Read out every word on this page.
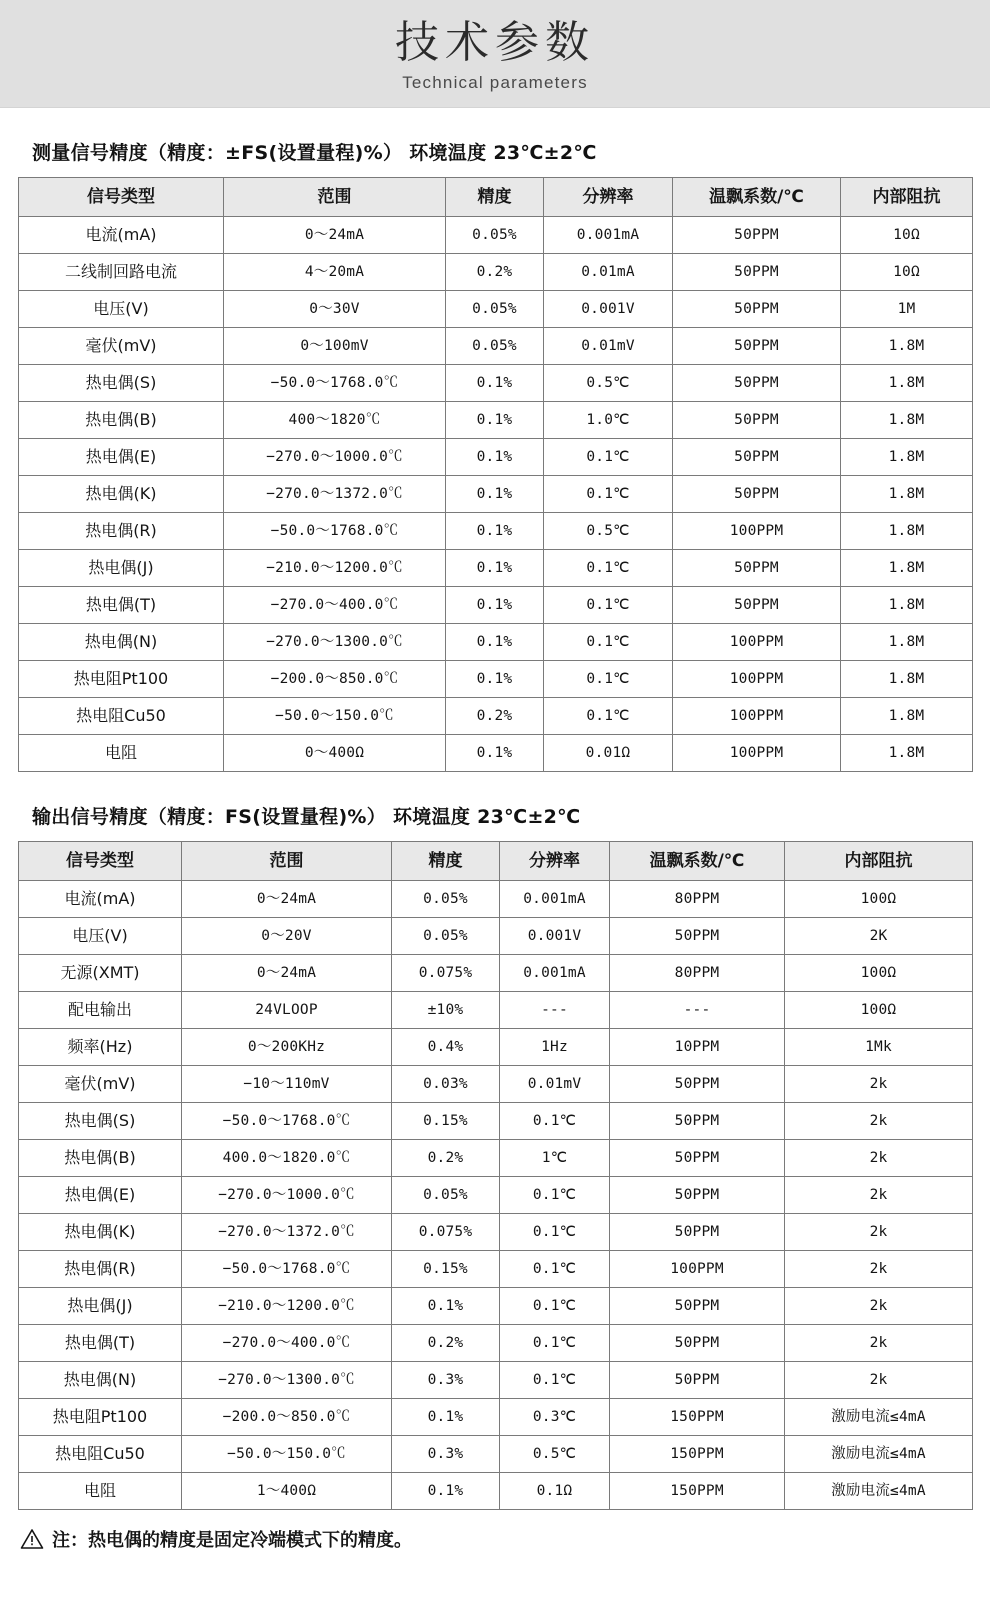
技术参数
Technical parameters
测量信号精度（精度：±FS(设置量程)%） 环境温度 23℃±2℃
信号类型	范围	精度	分辨率	温飘系数/℃	内部阻抗
电流(mA)	0～24mA	0.05%	0.001mA	50PPM	10Ω
二线制回路电流	4～20mA	0.2%	0.01mA	50PPM	10Ω
电压(V)	0～30V	0.05%	0.001V	50PPM	1M
毫伏(mV)	0～100mV	0.05%	0.01mV	50PPM	1.8M
热电偶(S)	−50.0～1768.0℃	0.1%	0.5℃	50PPM	1.8M
热电偶(B)	400～1820℃	0.1%	1.0℃	50PPM	1.8M
热电偶(E)	−270.0～1000.0℃	0.1%	0.1℃	50PPM	1.8M
热电偶(K)	−270.0～1372.0℃	0.1%	0.1℃	50PPM	1.8M
热电偶(R)	−50.0～1768.0℃	0.1%	0.5℃	100PPM	1.8M
热电偶(J)	−210.0～1200.0℃	0.1%	0.1℃	50PPM	1.8M
热电偶(T)	−270.0～400.0℃	0.1%	0.1℃	50PPM	1.8M
热电偶(N)	−270.0～1300.0℃	0.1%	0.1℃	100PPM	1.8M
热电阻Pt100	−200.0～850.0℃	0.1%	0.1℃	100PPM	1.8M
热电阻Cu50	−50.0～150.0℃	0.2%	0.1℃	100PPM	1.8M
电阻	0～400Ω	0.1%	0.01Ω	100PPM	1.8M
输出信号精度（精度：FS(设置量程)%） 环境温度 23℃±2℃
信号类型	范围	精度	分辨率	温飘系数/℃	内部阻抗
电流(mA)	0～24mA	0.05%	0.001mA	80PPM	100Ω
电压(V)	0～20V	0.05%	0.001V	50PPM	2K
无源(XMT)	0～24mA	0.075%	0.001mA	80PPM	100Ω
配电输出	24VLOOP	±10%	---	---	100Ω
频率(Hz)	0～200KHz	0.4%	1Hz	10PPM	1Mk
毫伏(mV)	−10～110mV	0.03%	0.01mV	50PPM	2k
热电偶(S)	−50.0～1768.0℃	0.15%	0.1℃	50PPM	2k
热电偶(B)	400.0～1820.0℃	0.2%	1℃	50PPM	2k
热电偶(E)	−270.0～1000.0℃	0.05%	0.1℃	50PPM	2k
热电偶(K)	−270.0～1372.0℃	0.075%	0.1℃	50PPM	2k
热电偶(R)	−50.0～1768.0℃	0.15%	0.1℃	100PPM	2k
热电偶(J)	−210.0～1200.0℃	0.1%	0.1℃	50PPM	2k
热电偶(T)	−270.0～400.0℃	0.2%	0.1℃	50PPM	2k
热电偶(N)	−270.0～1300.0℃	0.3%	0.1℃	50PPM	2k
热电阻Pt100	−200.0～850.0℃	0.1%	0.3℃	150PPM	激励电流≤4mA
热电阻Cu50	−50.0～150.0℃	0.3%	0.5℃	150PPM	激励电流≤4mA
电阻	1～400Ω	0.1%	0.1Ω	150PPM	激励电流≤4mA
注：热电偶的精度是固定冷端模式下的精度。
